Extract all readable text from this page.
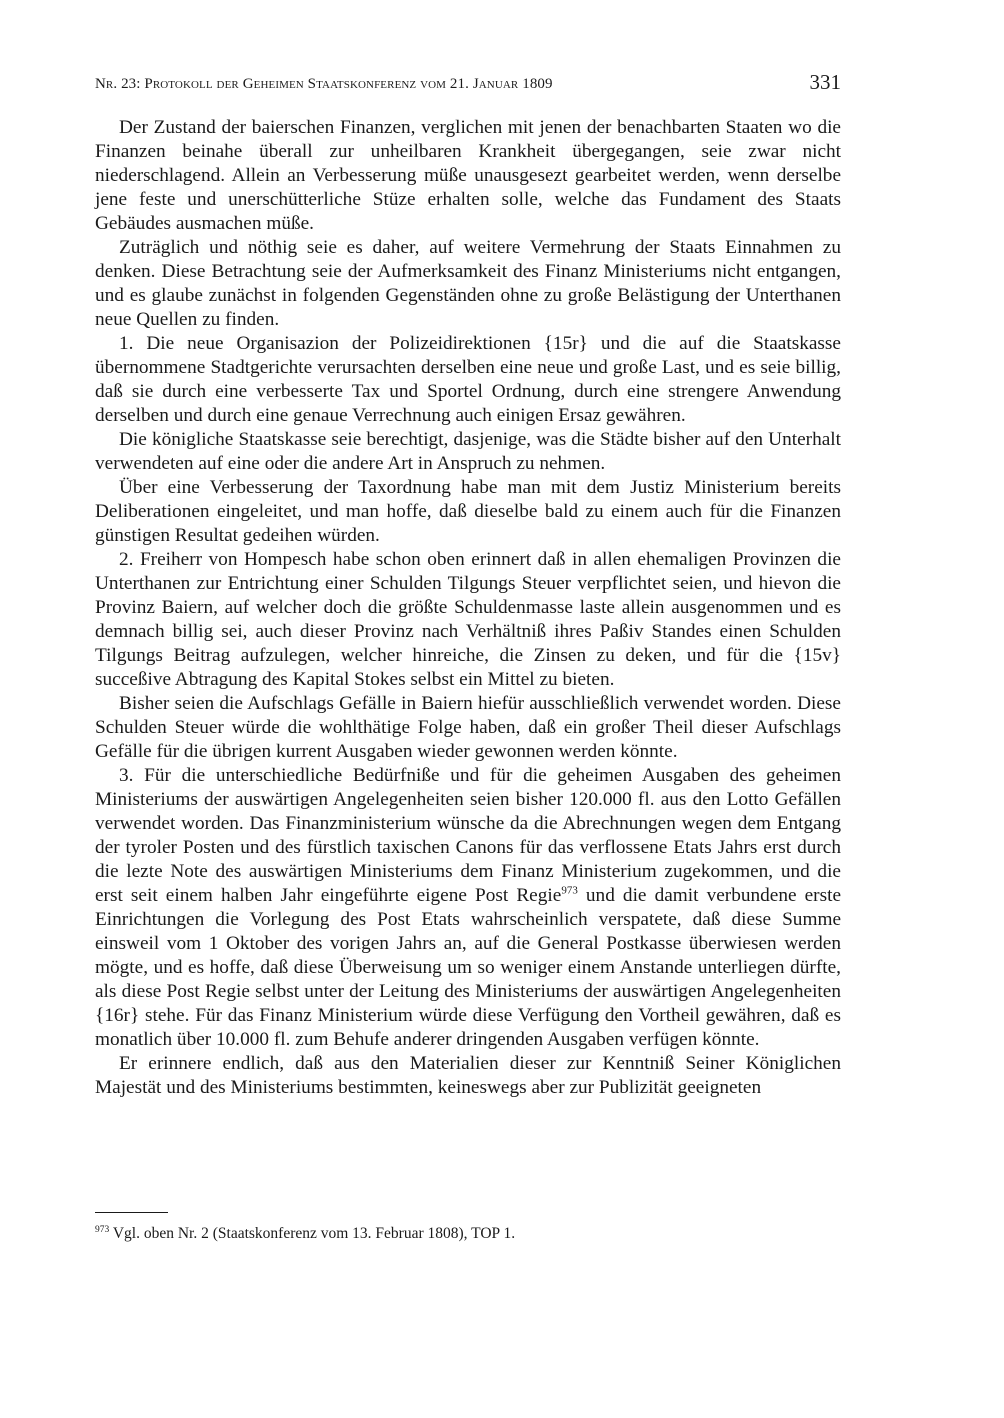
Nr. 23: Protokoll der Geheimen Staatskonferenz vom 21. Januar 1809	331

Der Zustand der baierschen Finanzen, verglichen mit jenen der benachbarten Staaten wo die Finanzen beinahe überall zur unheilbaren Krankheit übergegangen, seie zwar nicht niederschlagend. Allein an Verbesserung müße unausgesezt gearbeitet werden, wenn derselbe jene feste und unerschütterliche Stüze erhalten solle, welche das Fundament des Staats Gebäudes ausmachen müße.

Zuträglich und nöthig seie es daher, auf weitere Vermehrung der Staats Einnahmen zu denken. Diese Betrachtung seie der Aufmerksamkeit des Finanz Ministeriums nicht entgangen, und es glaube zunächst in folgenden Gegenständen ohne zu große Belästigung der Unterthanen neue Quellen zu finden.

1. Die neue Organisazion der Polizeidirektionen {15r} und die auf die Staatskasse übernommene Stadtgerichte verursachten derselben eine neue und große Last, und es seie billig, daß sie durch eine verbesserte Tax und Sportel Ordnung, durch eine strengere Anwendung derselben und durch eine genaue Verrechnung auch einigen Ersaz gewähren.

Die königliche Staatskasse seie berechtigt, dasjenige, was die Städte bisher auf den Unterhalt verwendeten auf eine oder die andere Art in Anspruch zu nehmen.

Über eine Verbesserung der Taxordnung habe man mit dem Justiz Ministerium bereits Deliberationen eingeleitet, und man hoffe, daß dieselbe bald zu einem auch für die Finanzen günstigen Resultat gedeihen würden.

2. Freiherr von Hompesch habe schon oben erinnert daß in allen ehemaligen Provinzen die Unterthanen zur Entrichtung einer Schulden Tilgungs Steuer verpflichtet seien, und hievon die Provinz Baiern, auf welcher doch die größte Schuldenmasse laste allein ausgenommen und es demnach billig sei, auch dieser Provinz nach Verhältniß ihres Paßiv Standes einen Schulden Tilgungs Beitrag aufzulegen, welcher hinreiche, die Zinsen zu deken, und für die {15v} succeßive Abtragung des Kapital Stokes selbst ein Mittel zu bieten.

Bisher seien die Aufschlags Gefälle in Baiern hiefür ausschließlich verwendet worden. Diese Schulden Steuer würde die wohlthätige Folge haben, daß ein großer Theil dieser Aufschlags Gefälle für die übrigen kurrent Ausgaben wieder gewonnen werden könnte.

3. Für die unterschiedliche Bedürfniße und für die geheimen Ausgaben des geheimen Ministeriums der auswärtigen Angelegenheiten seien bisher 120.000 fl. aus den Lotto Gefällen verwendet worden. Das Finanzministerium wünsche da die Abrechnungen wegen dem Entgang der tyroler Posten und des fürstlich taxischen Canons für das verflossene Etats Jahrs erst durch die lezte Note des auswärtigen Ministeriums dem Finanz Ministerium zugekommen, und die erst seit einem halben Jahr eingeführte eigene Post Regie$^{973}$ und die damit verbundene erste Einrichtungen die Vorlegung des Post Etats wahrscheinlich verspatete, daß diese Summe einsweil vom 1 Oktober des vorigen Jahrs an, auf die General Postkasse überwiesen werden mögte, und es hoffe, daß diese Überweisung um so weniger einem Anstande unterliegen dürfte, als diese Post Regie selbst unter der Leitung des Ministeriums der auswärtigen Angelegenheiten {16r} stehe. Für das Finanz Ministerium würde diese Verfügung den Vortheil gewähren, daß es monatlich über 10.000 fl. zum Behufe anderer dringenden Ausgaben verfügen könnte.

Er erinnere endlich, daß aus den Materialien dieser zur Kenntniß Seiner Königlichen Majestät und des Ministeriums bestimmten, keineswegs aber zur Publizität geeigneten

$^{973}$ Vgl. oben Nr. 2 (Staatskonferenz vom 13. Februar 1808), TOP 1.
